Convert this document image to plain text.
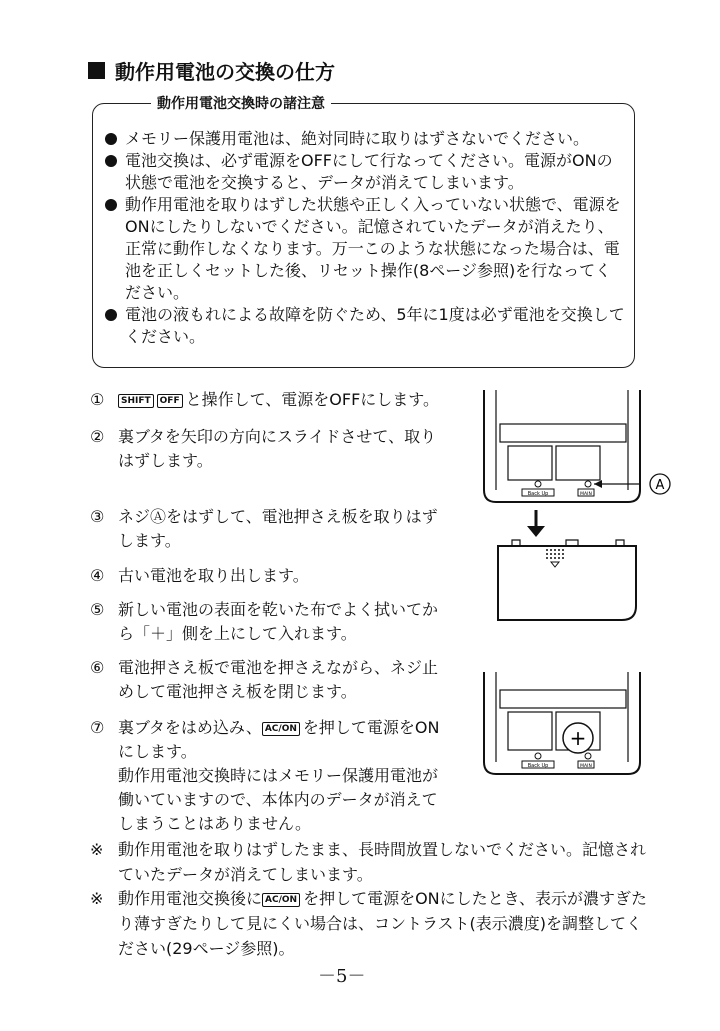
動作用電池の交換の仕方
動作用電池交換時の諸注意
メモリー保護用電池は、絶対同時に取りはずさないでください。
電池交換は、必ず電源をOFFにして行なってください。電源がONの状態で電池を交換すると、データが消えてしまいます。
動作用電池を取りはずした状態や正しく入っていない状態で、電源をONにしたりしないでください。記憶されていたデータが消えたり、正常に動作しなくなります。万一このような状態になった場合は、電池を正しくセットした後、リセット操作(8ページ参照)を行なってください。
電池の液もれによる故障を防ぐため、5年に1度は必ず電池を交換してください。
①	SHIFT OFF と操作して、電源をOFFにします。
② 裏ブタを矢印の方向にスライドさせて、取りはずします。
③ ネジⒶをはずして、電池押さえ板を取りはずします。
④ 古い電池を取り出します。
⑤ 新しい電池の表面を乾いた布でよく拭いてから「＋」側を上にして入れます。
⑥ 電池押さえ板で電池を押さえながら、ネジ止めして電池押さえ板を閉じます。
⑦ 裏ブタをはめ込み、 AC/ON を押して電源をONにします。
動作用電池交換時にはメモリー保護用電池が働いていますので、本体内のデータが消えてしまうことはありません。
※ 動作用電池を取りはずしたまま、長時間放置しないでください。記憶されていたデータが消えてしまいます。
※ 動作用電池交換後に AC/ON を押して電源をONにしたとき、表示が濃すぎたり薄すぎたりして見にくい場合は、コントラスト(表示濃度)を調整してください(29ページ参照)。
－5－
Back Up	MAIN
A
+
Back Up	MAIN
